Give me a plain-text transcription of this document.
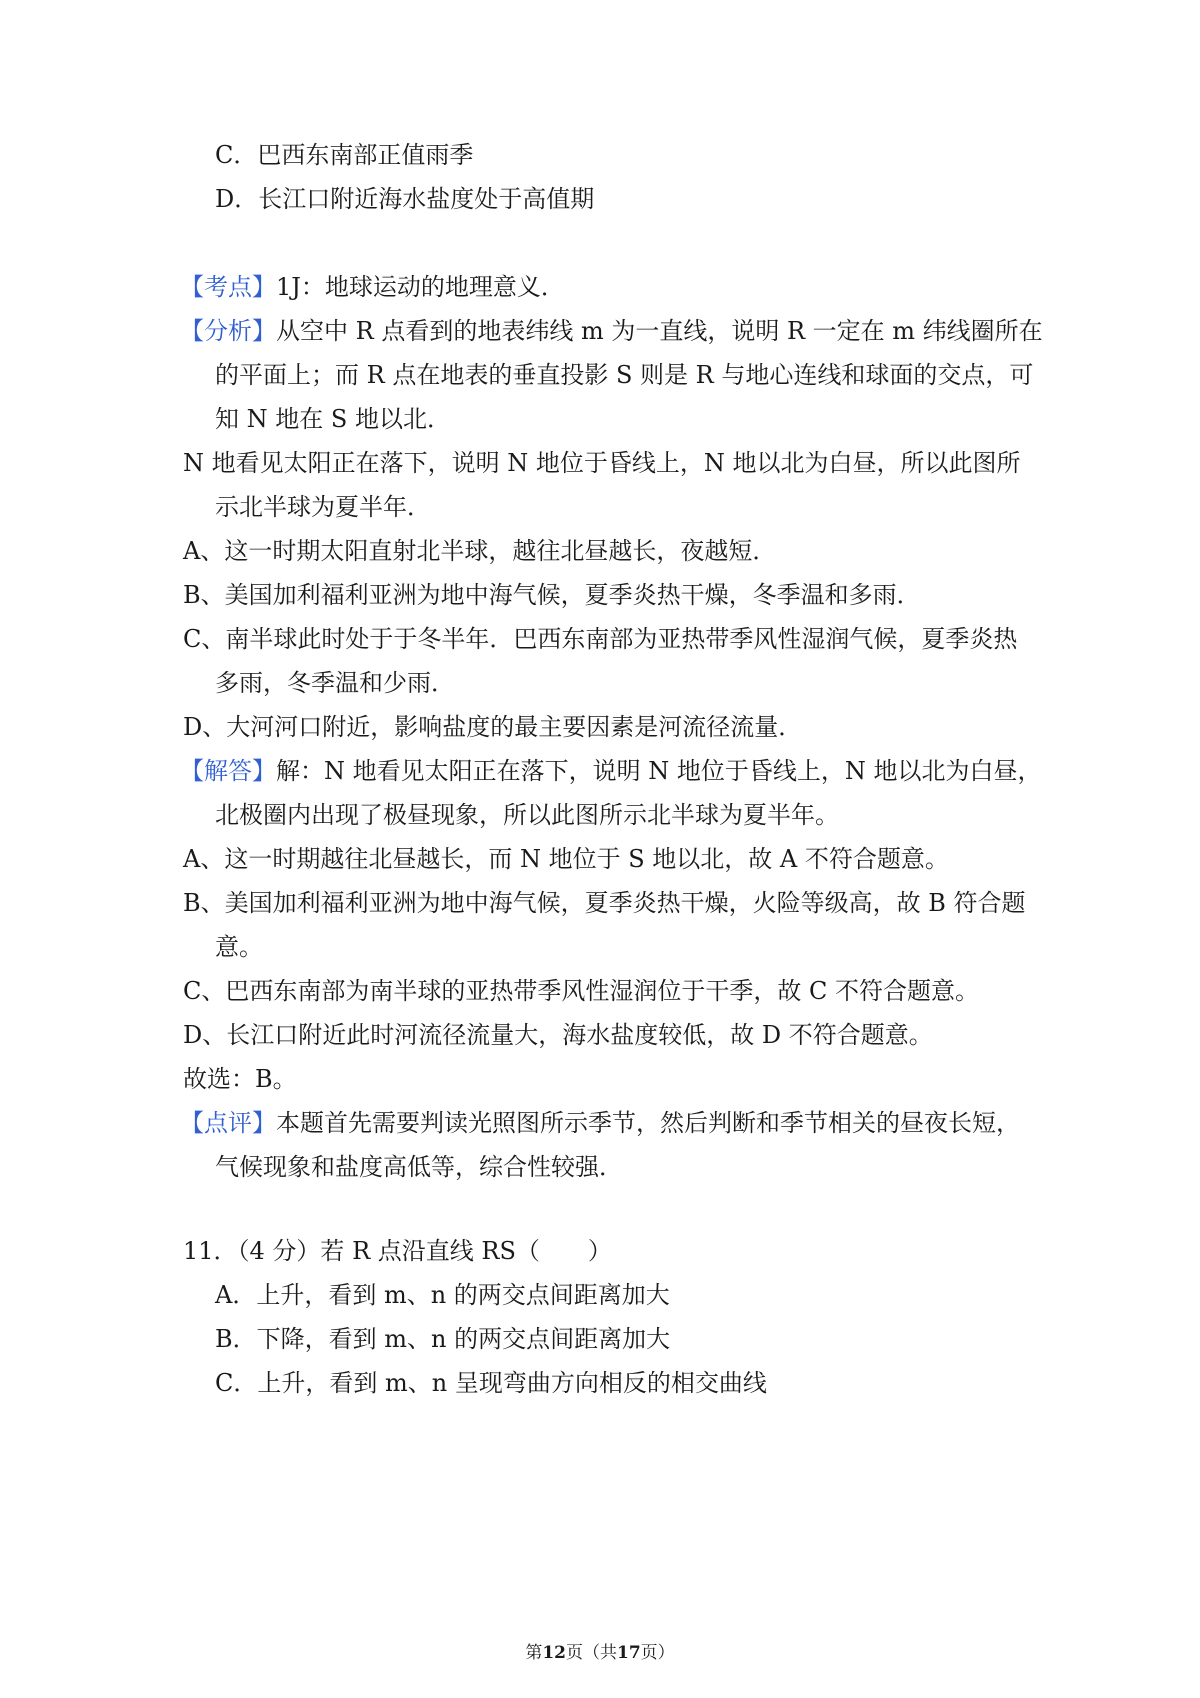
C．巴西东南部正值雨季
D．长江口附近海水盐度处于高值期
【考点】1J：地球运动的地理意义．
【分析】从空中 R 点看到的地表纬线 m 为一直线，说明 R 一定在 m 纬线圈所在
的平面上；而 R 点在地表的垂直投影 S 则是 R 与地心连线和球面的交点，可
知 N 地在 S 地以北．
N 地看见太阳正在落下，说明 N 地位于昏线上，N 地以北为白昼，所以此图所
示北半球为夏半年．
A、这一时期太阳直射北半球，越往北昼越长，夜越短．
B、美国加利福利亚洲为地中海气候，夏季炎热干燥，冬季温和多雨．
C、南半球此时处于于冬半年．巴西东南部为亚热带季风性湿润气候，夏季炎热
多雨，冬季温和少雨．
D、大河河口附近，影响盐度的最主要因素是河流径流量．
【解答】解：N 地看见太阳正在落下，说明 N 地位于昏线上，N 地以北为白昼，
北极圈内出现了极昼现象，所以此图所示北半球为夏半年。
A、这一时期越往北昼越长，而 N 地位于 S 地以北，故 A 不符合题意。
B、美国加利福利亚洲为地中海气候，夏季炎热干燥，火险等级高，故 B 符合题
意。
C、巴西东南部为南半球的亚热带季风性湿润位于干季，故 C 不符合题意。
D、长江口附近此时河流径流量大，海水盐度较低，故 D 不符合题意。
故选：B。
【点评】本题首先需要判读光照图所示季节，然后判断和季节相关的昼夜长短，
气候现象和盐度高低等，综合性较强．
11．（4 分）若 R 点沿直线 RS（　　）
A．上升，看到 m、n 的两交点间距离加大
B．下降，看到 m、n 的两交点间距离加大
C．上升，看到 m、n 呈现弯曲方向相反的相交曲线
第12页（共17页）
